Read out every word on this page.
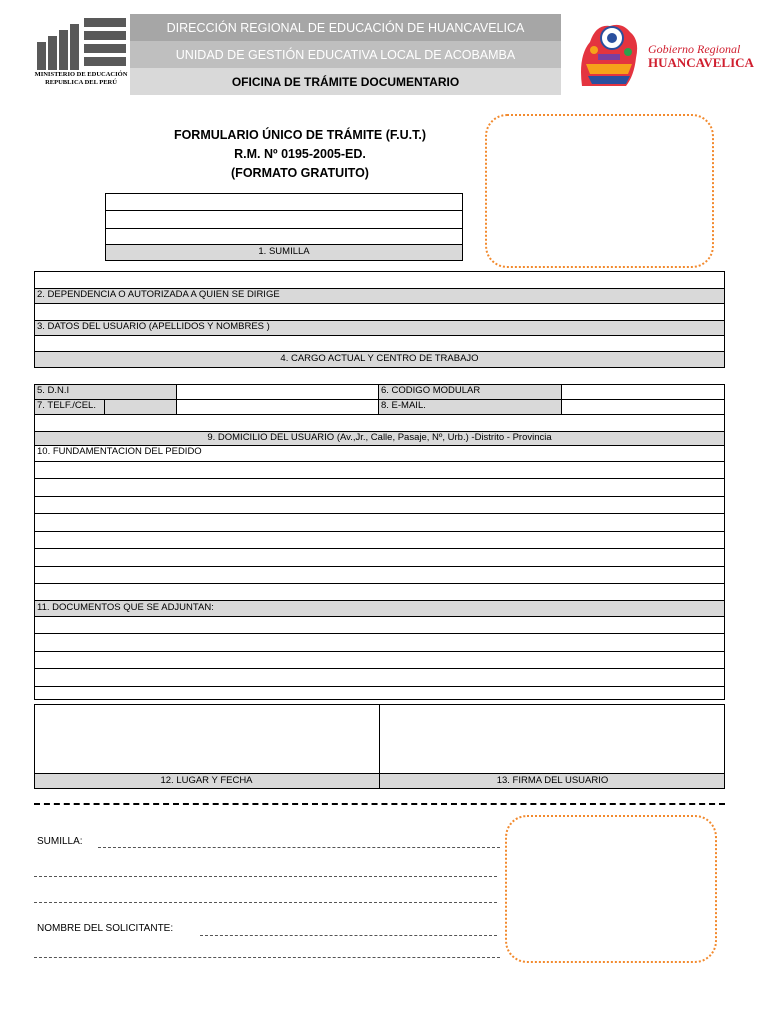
MINISTERIO DE EDUCACIÓN
REPUBLICA DEL PERÚ
DIRECCIÓN REGIONAL DE EDUCACIÓN DE HUANCAVELICA
UNIDAD DE GESTIÓN EDUCATIVA LOCAL DE ACOBAMBA
OFICINA DE TRÁMITE DOCUMENTARIO
Gobierno Regional
HUANCAVELICA
FORMULARIO ÚNICO DE TRÁMITE (F.U.T.)
R.M. Nº 0195-2005-ED.
(FORMATO GRATUITO)
1. SUMILLA
2. DEPENDENCIA O AUTORIZADA A QUIEN SE DIRIGE
3. DATOS DEL USUARIO (APELLIDOS Y NOMBRES )
4. CARGO ACTUAL Y CENTRO DE TRABAJO
5. D.N.I	6. CODIGO MODULAR
7. TELF./CEL.	8. E-MAIL.
9. DOMICILIO DEL USUARIO (Av.,Jr., Calle, Pasaje, Nº, Urb.) -Distrito - Provincia
10. FUNDAMENTACION DEL PEDIDO
11. DOCUMENTOS QUE SE ADJUNTAN:
12. LUGAR Y FECHA	13. FIRMA DEL USUARIO
SUMILLA:
NOMBRE DEL SOLICITANTE:
